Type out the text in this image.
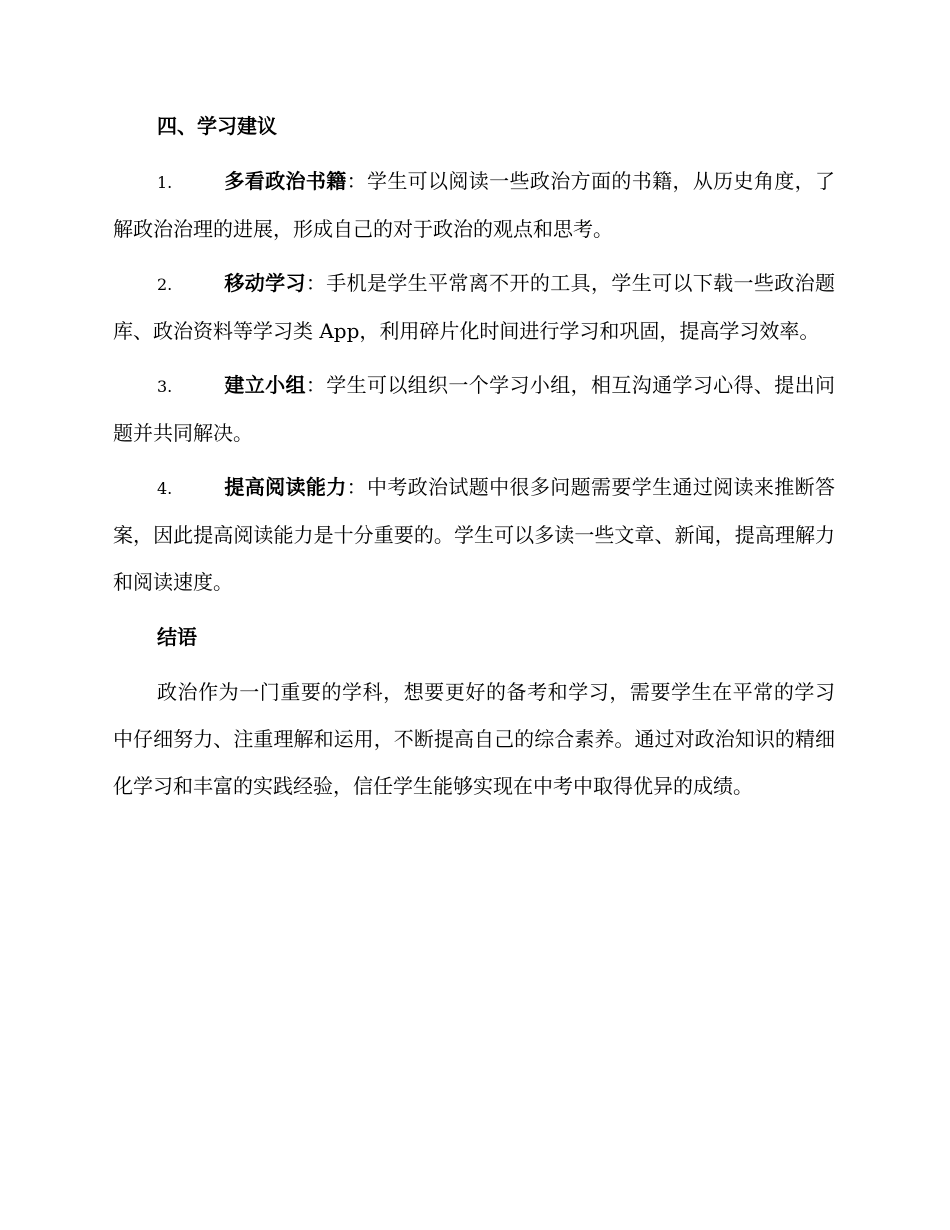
四、学习建议
1.	多看政治书籍：学生可以阅读一些政治方面的书籍，从历史角度，了解政治治理的进展，形成自己的对于政治的观点和思考。
2.	移动学习：手机是学生平常离不开的工具，学生可以下载一些政治题库、政治资料等学习类 App，利用碎片化时间进行学习和巩固，提高学习效率。
3.	建立小组：学生可以组织一个学习小组，相互沟通学习心得、提出问题并共同解决。
4.	提高阅读能力：中考政治试题中很多问题需要学生通过阅读来推断答案，因此提高阅读能力是十分重要的。学生可以多读一些文章、新闻，提高理解力和阅读速度。
结语
政治作为一门重要的学科，想要更好的备考和学习，需要学生在平常的学习中仔细努力、注重理解和运用，不断提高自己的综合素养。通过对政治知识的精细化学习和丰富的实践经验，信任学生能够实现在中考中取得优异的成绩。
